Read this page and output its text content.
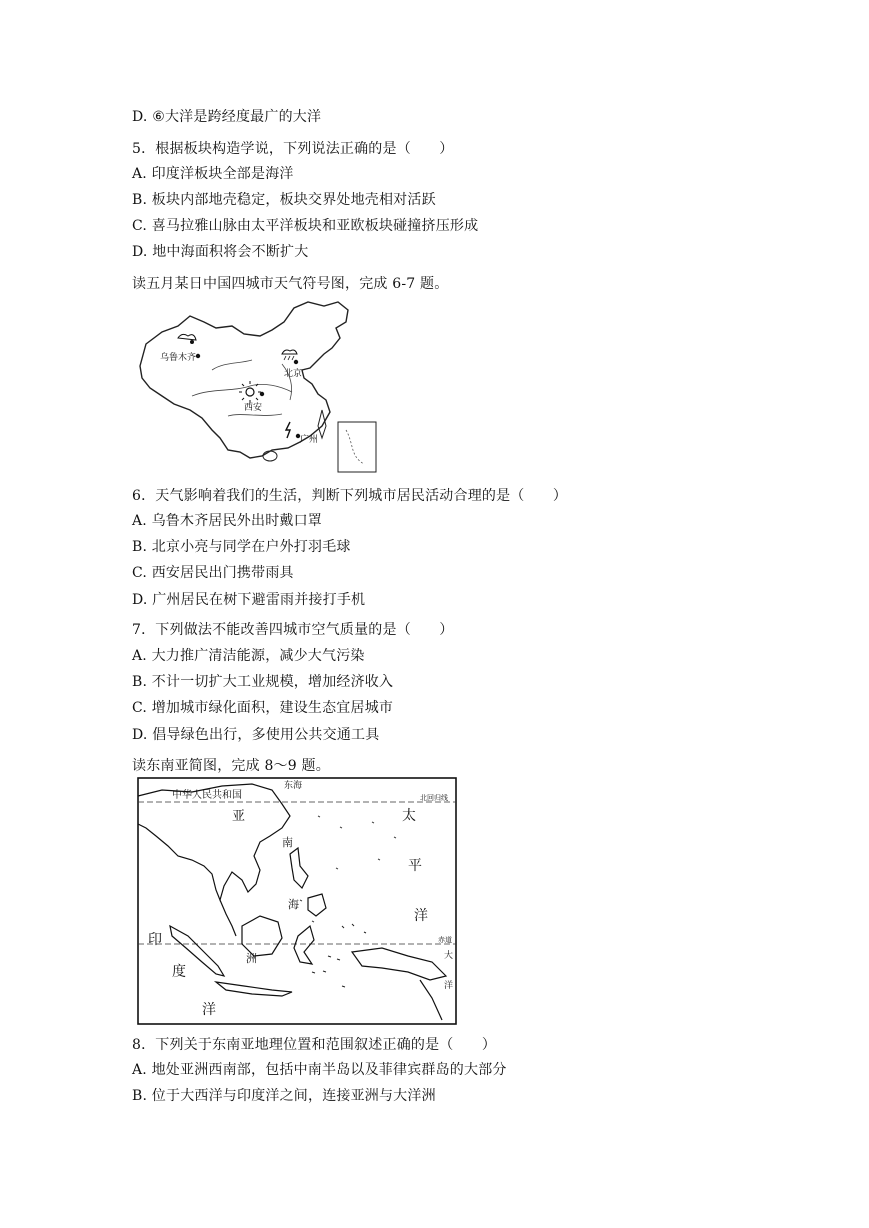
D. ⑥大洋是跨经度最广的大洋
5．根据板块构造学说，下列说法正确的是（　　）
A. 印度洋板块全部是海洋
B. 板块内部地壳稳定，板块交界处地壳相对活跃
C. 喜马拉雅山脉由太平洋板块和亚欧板块碰撞挤压形成
D. 地中海面积将会不断扩大
读五月某日中国四城市天气符号图，完成 6-7 题。
乌鲁木齐
北京
西安
广州
6．天气影响着我们的生活，判断下列城市居民活动合理的是（　　）
A. 乌鲁木齐居民外出时戴口罩
B. 北京小亮与同学在户外打羽毛球
C. 西安居民出门携带雨具
D. 广州居民在树下避雷雨并接打手机
7．下列做法不能改善四城市空气质量的是（　　）
A. 大力推广清洁能源，减少大气污染
B. 不计一切扩大工业规模，增加经济收入
C. 增加城市绿化面积，建设生态宜居城市
D. 倡导绿色出行，多使用公共交通工具
读东南亚简图，完成 8～9 题。
中华人民共和国
东海
北回归线
亚
南
海
太
平
洋
赤道
印
度
洋
洲	大
洋
8．下列关于东南亚地理位置和范围叙述正确的是（　　）
A. 地处亚洲西南部，包括中南半岛以及菲律宾群岛的大部分
B. 位于大西洋与印度洋之间，连接亚洲与大洋洲
